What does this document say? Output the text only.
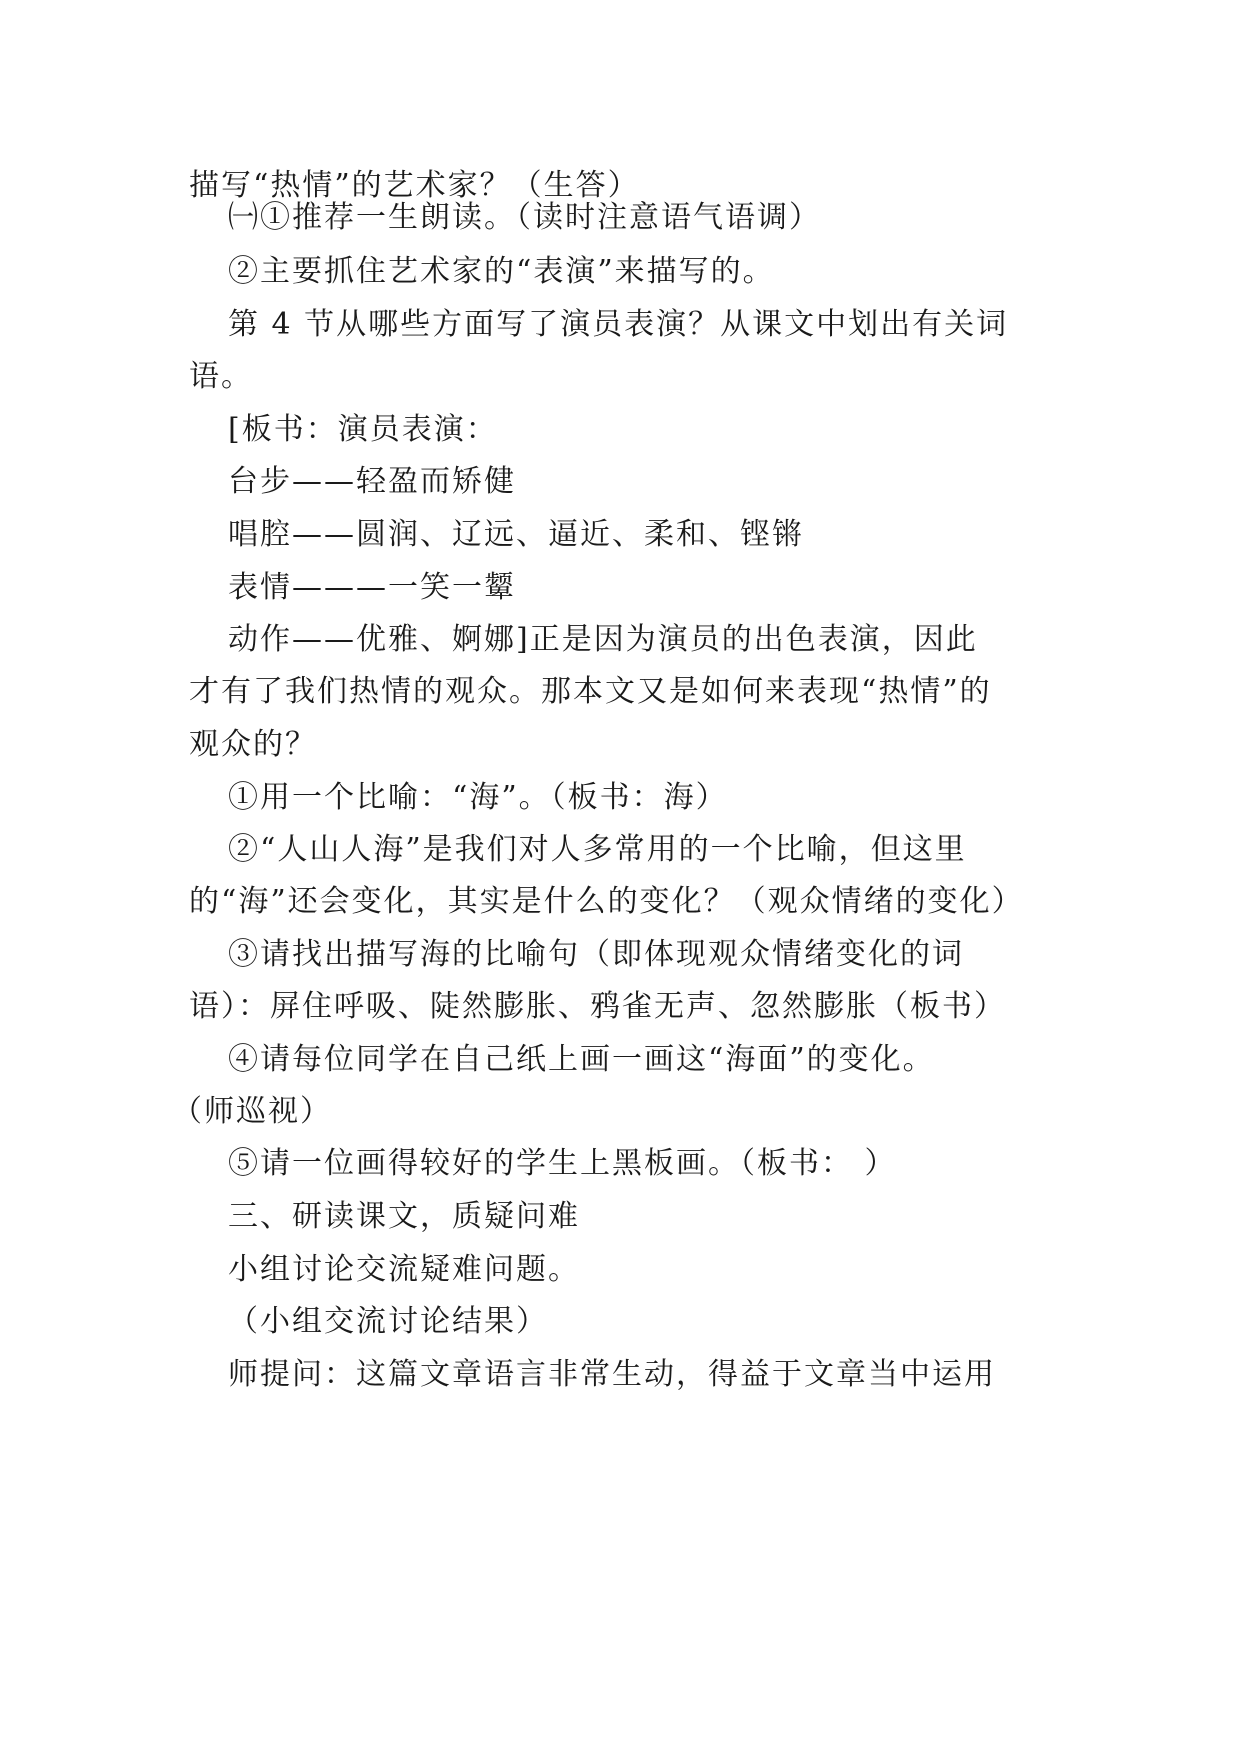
描写“热情”的艺术家？（生答）
㈠①推荐一生朗读。（读时注意语气语调）
②主要抓住艺术家的“表演”来描写的。
第 4 节从哪些方面写了演员表演？从课文中划出有关词
语。
[板书：演员表演：
台步——轻盈而矫健
唱腔——圆润、辽远、逼近、柔和、铿锵
表情———一笑一颦
动作——优雅、婀娜]正是因为演员的出色表演，因此
才有了我们热情的观众。那本文又是如何来表现“热情”的
观众的？
①用一个比喻：“海”。（板书：海）
②“人山人海”是我们对人多常用的一个比喻，但这里
的“海”还会变化，其实是什么的变化？（观众情绪的变化）
③请找出描写海的比喻句（即体现观众情绪变化的词
语）：屏住呼吸、陡然膨胀、鸦雀无声、忽然膨胀（板书）
④请每位同学在自己纸上画一画这“海面”的变化。
（师巡视）
⑤请一位画得较好的学生上黑板画。（板书： ）
三、研读课文，质疑问难
小组讨论交流疑难问题。
（小组交流讨论结果）
师提问：这篇文章语言非常生动，得益于文章当中运用
